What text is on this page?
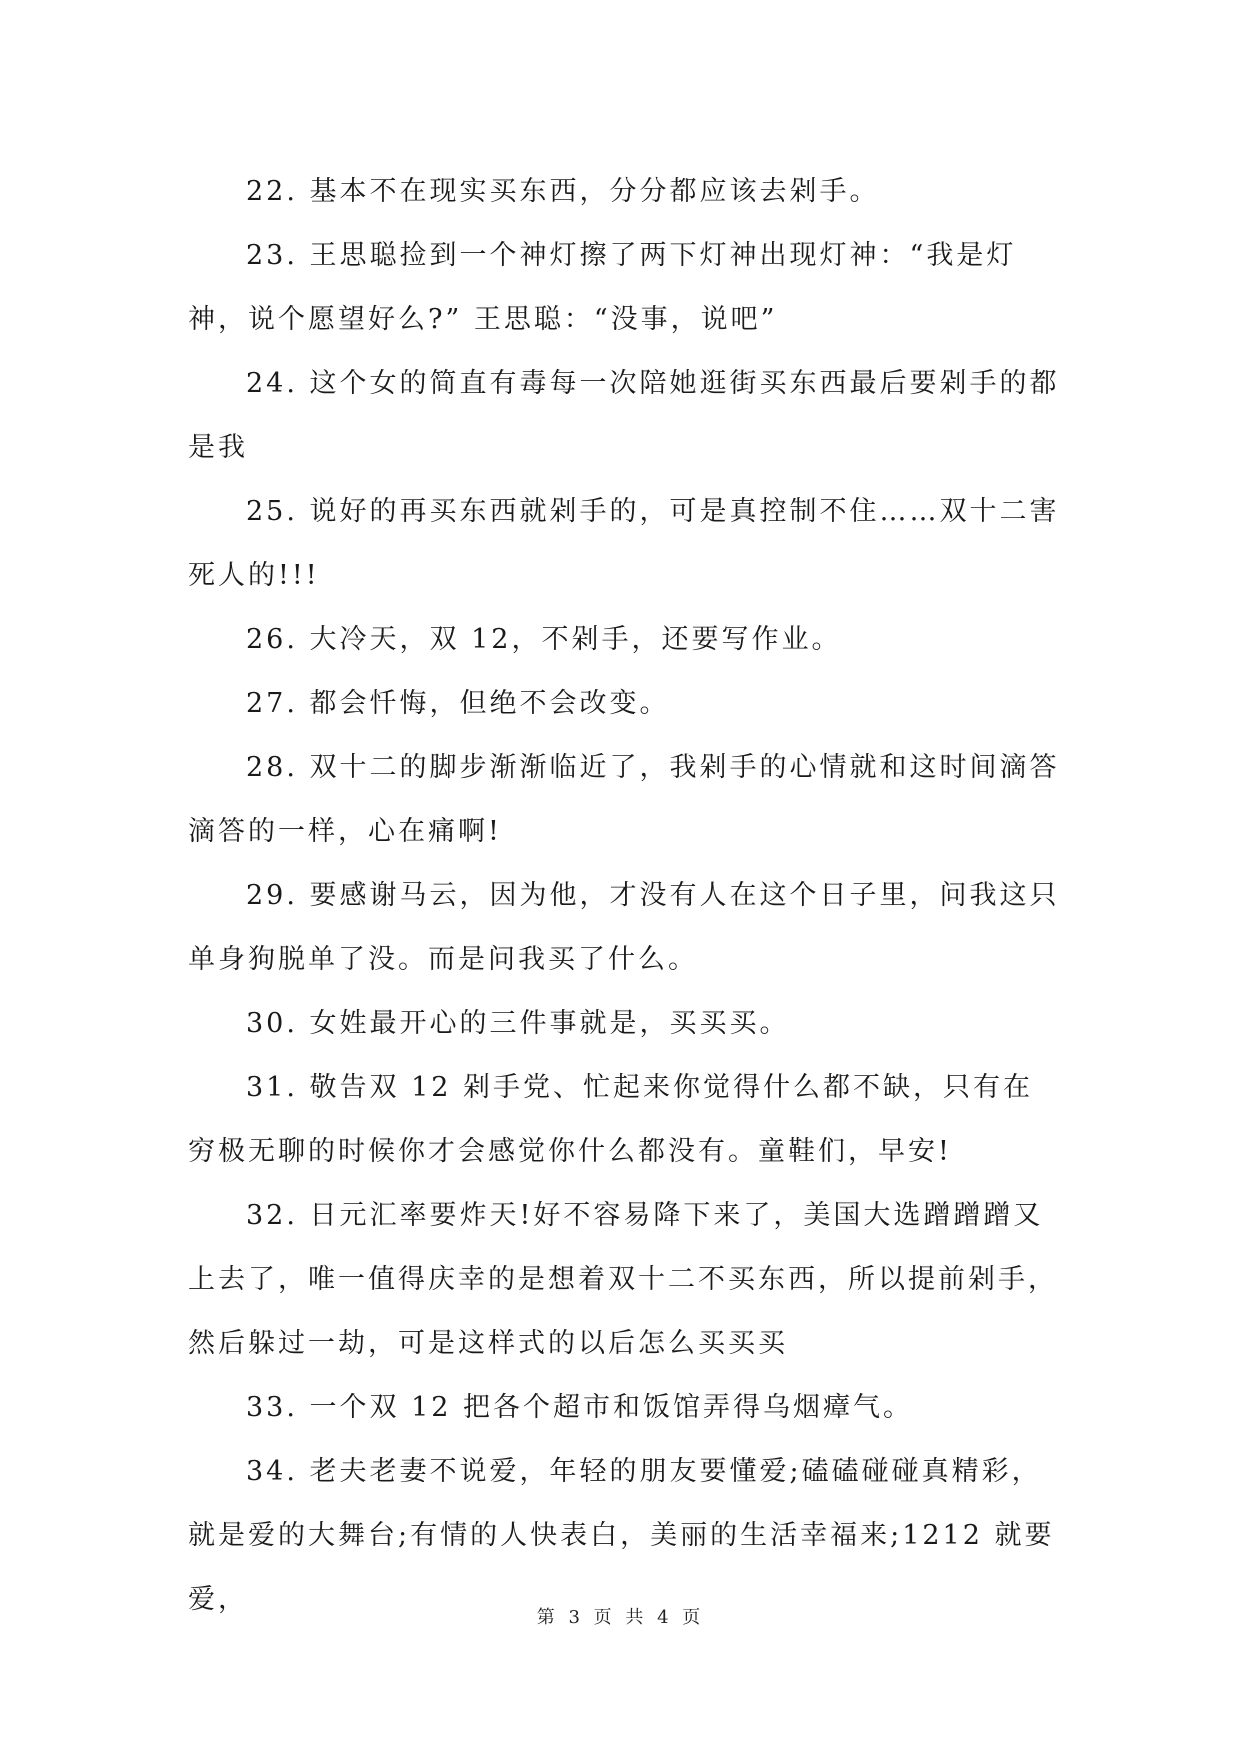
22. 基本不在现实买东西，分分都应该去剁手。

23. 王思聪捡到一个神灯擦了两下灯神出现灯神：“我是灯神，说个愿望好么?” 王思聪：“没事，说吧”

24. 这个女的简直有毒每一次陪她逛街买东西最后要剁手的都是我

25. 说好的再买东西就剁手的，可是真控制不住……双十二害死人的!!!

26. 大冷天，双 12，不剁手，还要写作业。

27. 都会忏悔，但绝不会改变。

28. 双十二的脚步渐渐临近了，我剁手的心情就和这时间滴答滴答的一样，心在痛啊!

29. 要感谢马云，因为他，才没有人在这个日子里，问我这只单身狗脱单了没。而是问我买了什么。

30. 女姓最开心的三件事就是，买买买。

31. 敬告双 12 剁手党、忙起来你觉得什么都不缺，只有在穷极无聊的时候你才会感觉你什么都没有。童鞋们，早安!

32. 日元汇率要炸天!好不容易降下来了，美国大选蹭蹭蹭又上去了，唯一值得庆幸的是想着双十二不买东西，所以提前剁手，然后躲过一劫，可是这样式的以后怎么买买买

33. 一个双 12 把各个超市和饭馆弄得乌烟瘴气。

34. 老夫老妻不说爱，年轻的朋友要懂爱;磕磕碰碰真精彩，就是爱的大舞台;有情的人快表白，美丽的生活幸福来;1212 就要爱，

第 3 页 共 4 页
